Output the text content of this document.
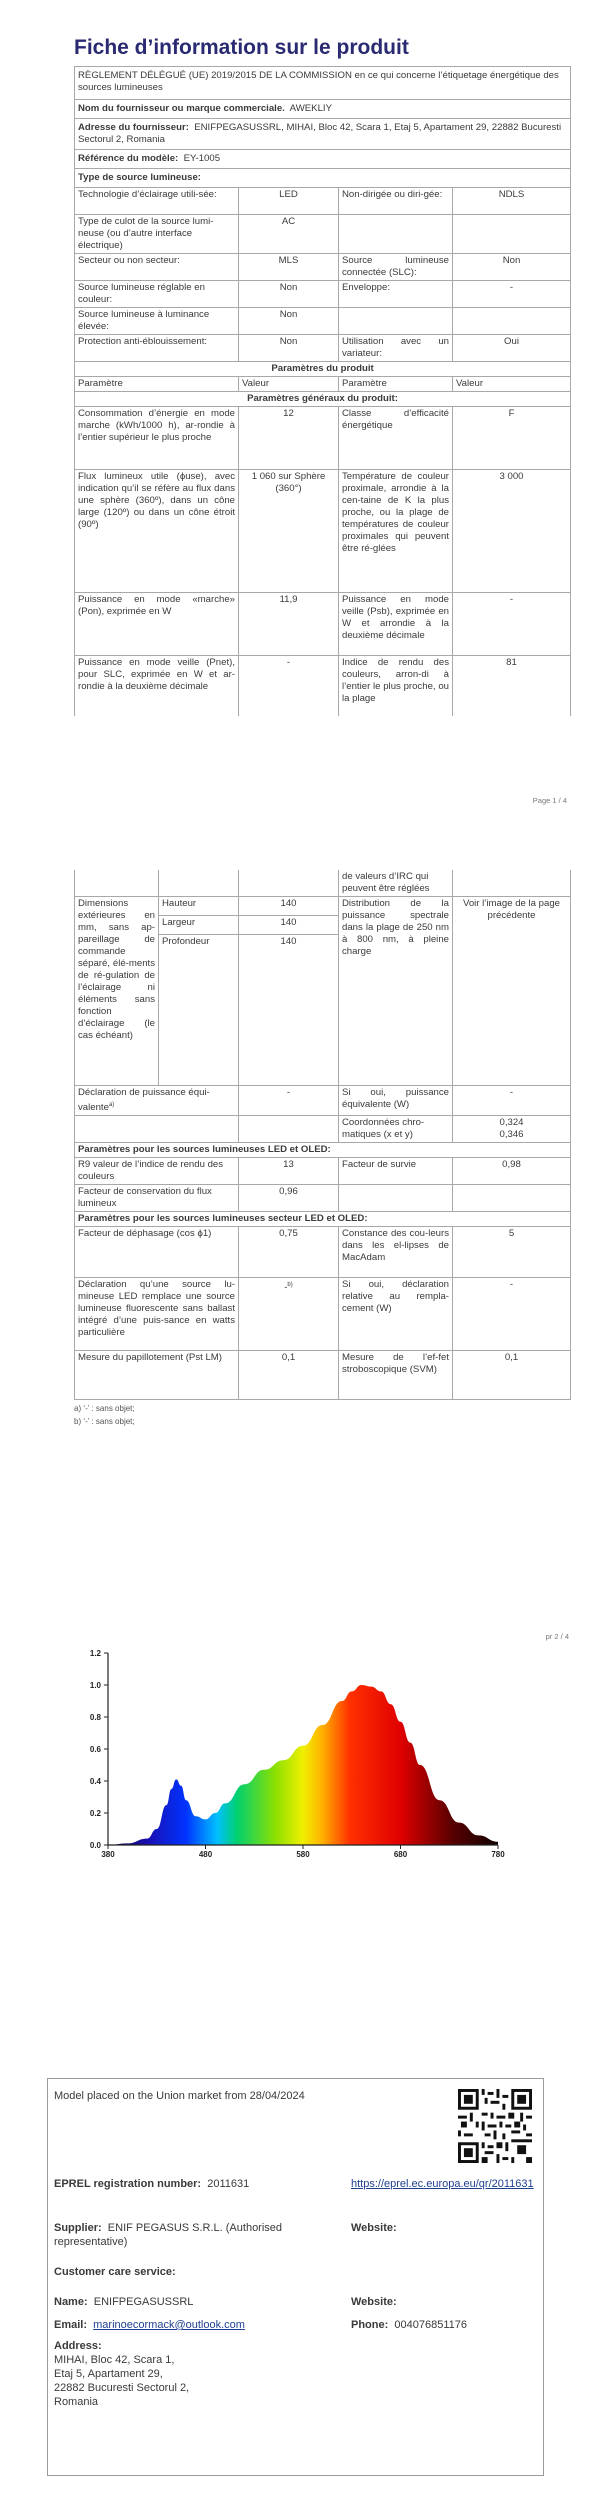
Fiche d’information sur le produit
RÈGLEMENT DÉLÉGUÉ (UE) 2019/2015 DE LA COMMISSION en ce qui concerne l’étiquetage énergétique des sources lumineuses			
Nom du fournisseur ou marque commerciale. AWEKLIY			
Adresse du fournisseur: ENIFPEGASUSSRL, MIHAI, Bloc 42, Scara 1, Etaj 5, Apartament 29, 22882 Bucuresti Sectorul 2, Romania			
Référence du modèle: EY-1005			
Type de source lumineuse:			
Technologie d’éclairage utili-sée:	LED	Non-dirigée ou diri-gée:	NDLS
Type de culot de la source lumi-neuse (ou d’autre interface électrique)	AC		
Secteur ou non secteur:	MLS	Source lumineuse connectée (SLC):	Non
Source lumineuse réglable en couleur:	Non	Enveloppe:	-
Source lumineuse à luminance élevée:	Non		
Protection anti-éblouissement:	Non	Utilisation avec un variateur:	Oui
Paramètres du produit			
Paramètre	Valeur	Paramètre	Valeur
Paramètres généraux du produit:			
Consommation d’énergie en mode marche (kWh/1000 h), ar-rondie à l’entier supérieur le plus proche	12	Classe d’efficacité énergétique	F
Flux lumineux utile (ϕuse), avec indication qu’il se réfère au flux dans une sphère (360º), dans un cône large (120º) ou dans un cône étroit (90º)	1 060 sur Sphère (360°)	Température de couleur proximale, arrondie à la cen-taine de K la plus proche, ou la plage de températures de couleur proximales qui peuvent être ré-glées	3 000
Puissance en mode «marche» (Pon), exprimée en W	11,9	Puissance en mode veille (Psb), exprimée en W et arrondie à la deuxième décimale	-
Puissance en mode veille (Pnet), pour SLC, exprimée en W et ar-rondie à la deuxième décimale	-	Indice de rendu des couleurs, arron-di à l’entier le plus proche, ou la plage	81
Page 1 / 4
			de valeurs d’IRC qui peuvent être réglées	
Dimensions extérieures en mm, sans ap-pareillage de commande séparé, élé-ments de ré-gulation de l’éclairage ni éléments sans fonction d’éclairage (le cas échéant)	Hauteur	140	Distribution de la puissance spectrale dans la plage de 250 nm à 800 nm, à pleine charge	Voir l’image de la page précédente
	Largeur	140		
	Profondeur	140		
Déclaration de puissance équi-valente$^{a)}$		-	Si oui, puissance équivalente (W)	-
			Coordonnées chro-matiques (x et y)	0,324
0,346

Paramètres pour les sources lumineuses LED et OLED:				
R9 valeur de l’indice de rendu des couleurs		13	Facteur de survie	0,98
Facteur de conservation du flux lumineux		0,96		
Paramètres pour les sources lumineuses secteur LED et OLED:				
Facteur de déphasage (cos ϕ1)		0,75	Constance des cou-leurs dans les el-lipses de MacAdam	5
Déclaration qu’une source lu-mineuse LED remplace une source lumineuse fluorescente sans ballast intégré d’une puis-sance en watts particulière		-$^{b)}$	Si oui, déclaration relative au rempla-cement (W)	-
Mesure du papillotement (Pst LM)		0,1	Mesure de l’ef-fet stroboscopique (SVM)	0,1
a) ‘-’ : sans objet;
b) ‘-’ : sans objet;
pr 2 / 4
0.0
0.2
0.4
0.6
0.8
1.0
1.2
380	480	580	680	780
Model placed on the Union market from 28/04/2024
EPREL registration number: 2011631	https://eprel.ec.europa.eu/qr/2011631
Supplier: ENIF PEGASUS S.R.L. (Authorised representative)
Website:
Customer care service:
Name: ENIFPEGASUSSRL	Website:
Email: marinoecormack@outlook.com	Phone: 004076851176
Address:
MIHAI, Bloc 42, Scara 1,
Etaj 5, Apartament 29,
22882 Bucuresti Sectorul 2,
Romania
